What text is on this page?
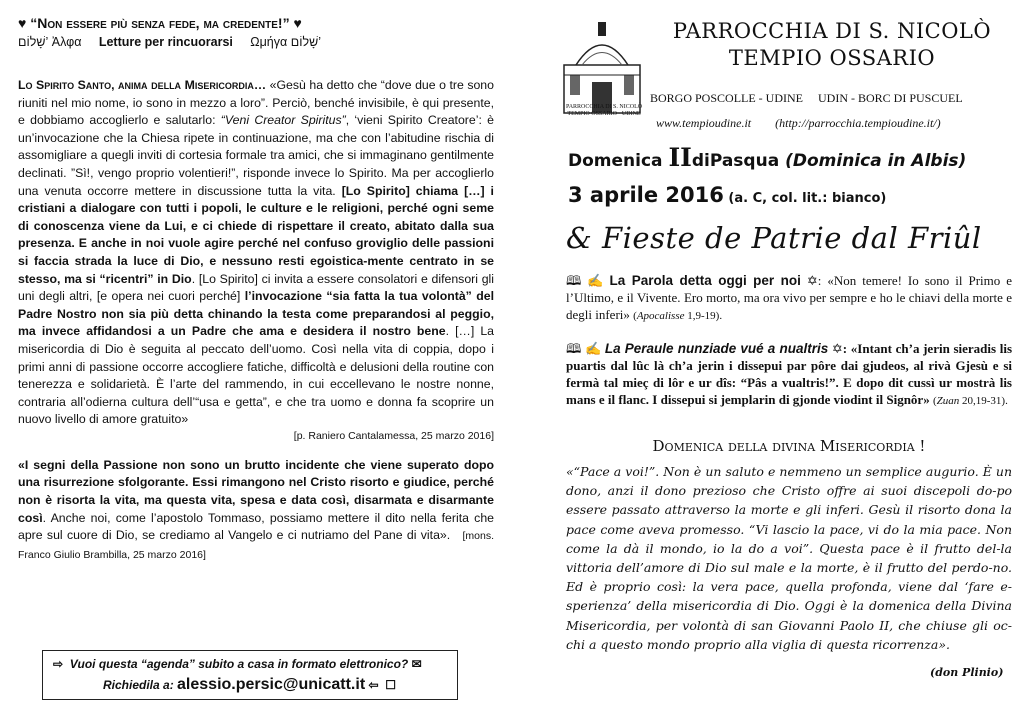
♥ “Non essere più senza fede, ma credente!” ♥
שָׁלוֹם’ Ἀλφα Letture per rincuorarsi Ωμήγα שָׁלוֹם’

Lo Spirito Santo, anima della Misericordia… «Gesù ha detto che “dove due o tre sono riuniti nel mio nome, io sono in mezzo a loro”. Perciò, benché invisibile, è qui presente, e dobbiamo accoglierlo e salutarlo: “Veni Creator Spiritus”, ‘vieni Spirito Creatore’: è un’invocazione che la Chiesa ripete in continuazione, ma che con l’abitudine rischia di assomigliare a quegli inviti di cortesia formale tra amici, che si immaginano gentilmente declinati. ”Sì!, vengo proprio volentieri!”, risponde invece lo Spirito. Ma per accoglierlo una venuta occorre mettere in discussione tutta la vita. [Lo Spirito] chiama […] i cristiani a dialogare con tutti i popoli, le culture e le religioni, perché ogni seme di conoscenza viene da Lui, e ci chiede di rispettare il creato, abitato dalla sua presenza. E anche in noi vuole agire perché nel confuso groviglio delle passioni si faccia strada la luce di Dio, e nessuno resti egoistica-mente centrato in se stesso, ma si “ricentri” in Dio. [Lo Spirito] ci invita a essere consolatori e difensori gli uni degli altri, [e opera nei cuori perché] l’invocazione “sia fatta la tua volontà” del Padre Nostro non sia più detta chinando la testa come preparandosi al peggio, ma invece affidandosi a un Padre che ama e desidera il nostro bene. […] La misericordia di Dio è seguita al peccato dell’uomo. Così nella vita di coppia, dopo i primi anni di passione occorre accogliere fatiche, difficoltà e delusioni della routine con tenerezza e solidarietà. È l’arte del rammendo, in cui eccellevano le nostre nonne, contraria all’odierna cultura dell’“usa e getta”, e che tra uomo e donna fa scoprire un nuovo livello di amore gratuito»

[p. Raniero Cantalamessa, 25 marzo 2016]

«I segni della Passione non sono un brutto incidente che viene superato dopo una risurrezione sfolgorante. Essi rimangono nel Cristo risorto e giudice, perché non è risorta la vita, ma questa vita, spesa e data così, disarmata e disarmante così. Anche noi, come l’apostolo Tommaso, possiamo mettere il dito nella ferita che apre sul cuore di Dio, se crediamo al Vangelo e ci nutriamo del Pane di vita». [mons. Franco Giulio Brambilla, 25 marzo 2016]

⇨ Vuoi questa “agenda” subito a casa in formato elettronico? ✉
Richiedila a: alessio.persic@unicatt.it ⇦ ☐
PARROCCHIA DI S. NICOLÒ
TEMPIO OSSARIO - UDINE
PARROCCHIA DI S. NICOLÒ
TEMPIO OSSARIO
BORGO POSCOLLE - UDINE     UDIN - BORC DI PUSCUEL
www.tempioudine.it        (http://parrocchia.tempioudine.it/)
Domenica IIdiPasqua (Dominica in Albis)
3 aprile 2016 (a. C, col. lit.: bianco)
& Fieste de Patrie dal Friûl
🕮 ✍ La Parola detta oggi per noi ✡: «Non temere! Io sono il Primo e l’Ultimo, e il Vivente. Ero morto, ma ora vivo per sempre e ho le chiavi della morte e degli inferi» (Apocalisse 1,9-19).
🕮 ✍ La Peraule nunziade vué a nualtris ✡: «Intant ch’a jerin sieradis lis puartis dal lûc là ch’a jerin i dissepui par pôre dai gjudeos, al rivà Gjesù e si fermà tal mieç di lôr e ur dîs: “Pâs a vualtris!”. E dopo dit cussì ur mostrà lis mans e il flanc. I dissepui si jemplarin di gjonde viodint il Signôr» (Zuan 20,19-31).
Domenica della divina Misericordia !
«“Pace a voi!”. Non è un saluto e nemmeno un semplice augurio. È un dono, anzi il dono prezioso che Cristo offre ai suoi discepoli do-po essere passato attraverso la morte e gli inferi. Gesù il risorto dona la pace come aveva promesso. “Vi lascio la pace, vi do la mia pace. Non come la dà il mondo, io la do a voi”. Questa pace è il frutto del-la vittoria dell’amore di Dio sul male e la morte, è il frutto del perdo-no. Ed è proprio così: la vera pace, quella profonda, viene dal ‘fare e-sperienza’ della misericordia di Dio. Oggi è la domenica della Divina Misericordia, per volontà di san Giovanni Paolo II, che chiuse gli oc-chi a questo mondo proprio alla viglia di questa ricorrenza».
(don Plinio)
